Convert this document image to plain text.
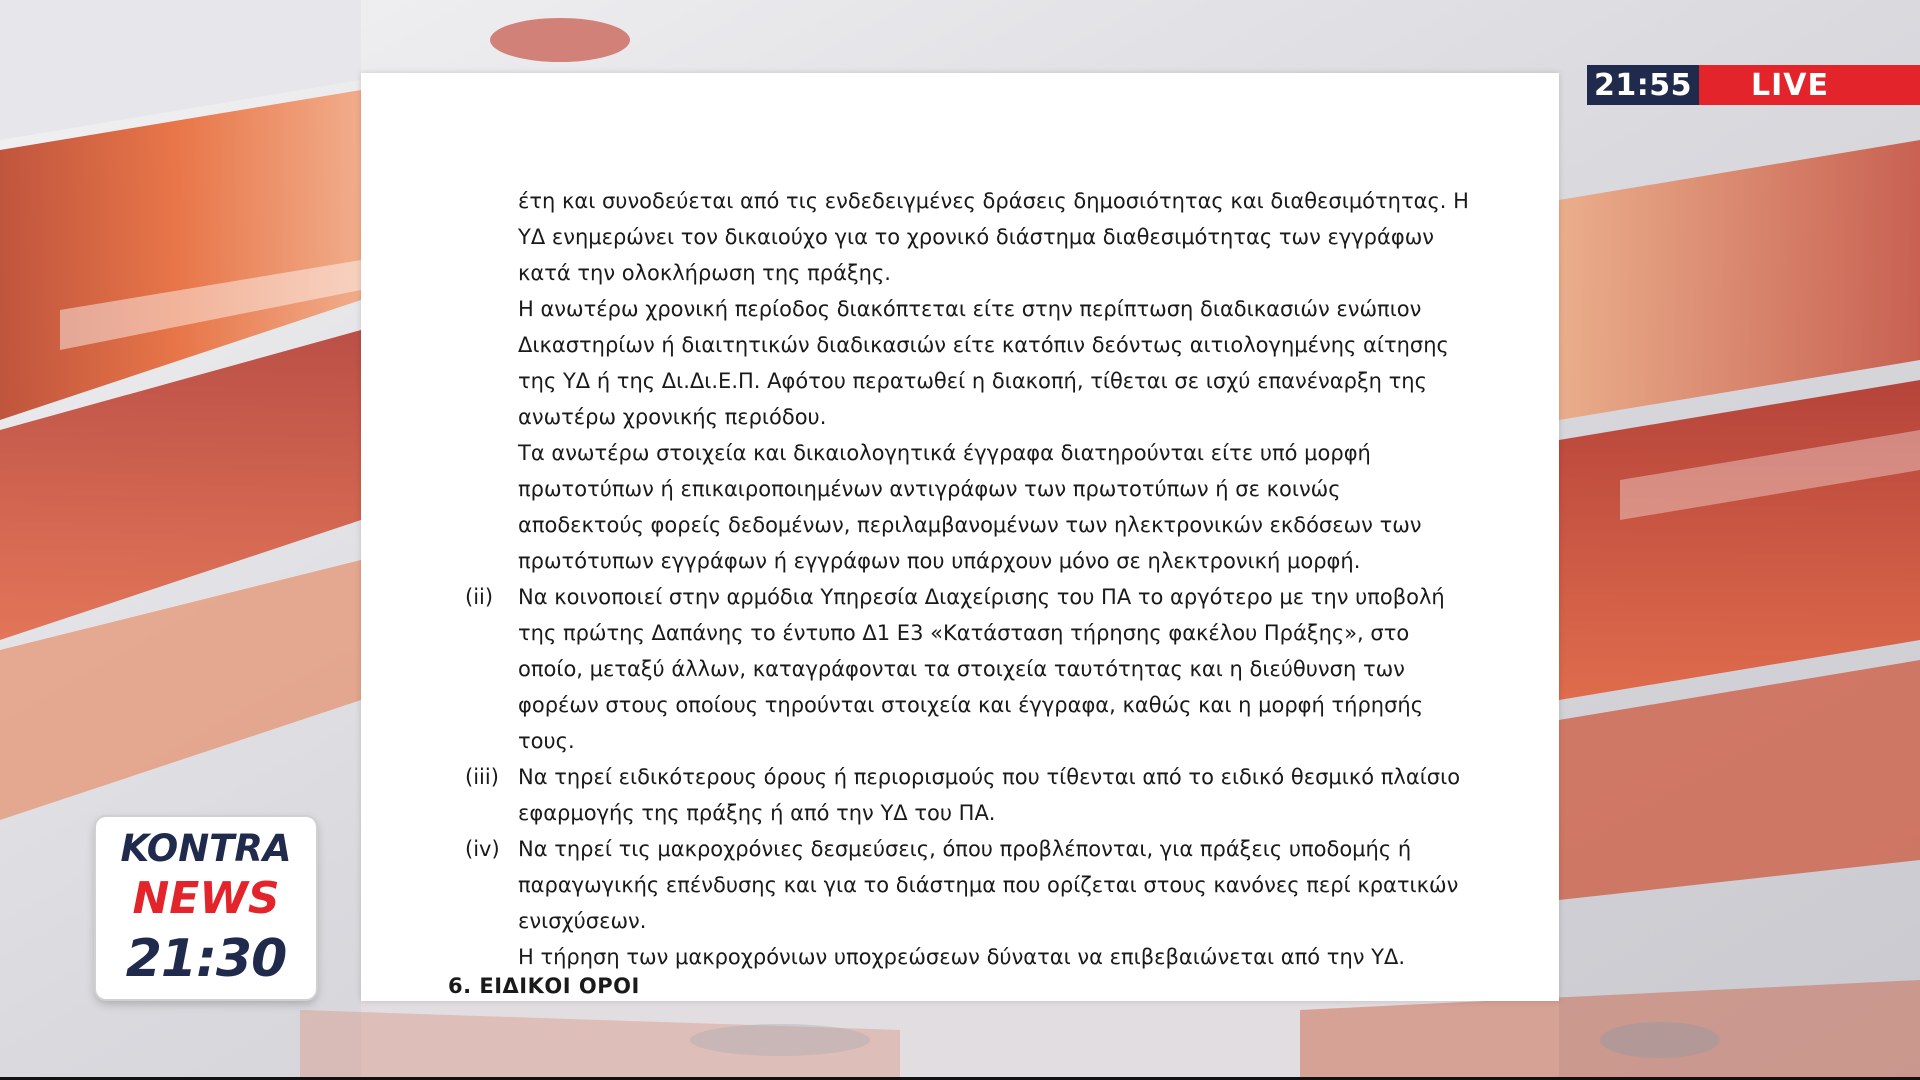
έτη και συνοδεύεται από τις ενδεδειγμένες δράσεις δημοσιότητας και διαθεσιμότητας. Η
ΥΔ ενημερώνει τον δικαιούχο για το χρονικό διάστημα διαθεσιμότητας των εγγράφων
κατά την ολοκλήρωση της πράξης.
Η ανωτέρω χρονική περίοδος διακόπτεται είτε στην περίπτωση διαδικασιών ενώπιον
Δικαστηρίων ή διαιτητικών διαδικασιών είτε κατόπιν δεόντως αιτιολογημένης αίτησης
της ΥΔ ή της Δι.Δι.Ε.Π. Αφότου περατωθεί η διακοπή, τίθεται σε ισχύ επανέναρξη της
ανωτέρω χρονικής περιόδου.
Τα ανωτέρω στοιχεία και δικαιολογητικά έγγραφα διατηρούνται είτε υπό μορφή
πρωτοτύπων ή επικαιροποιημένων αντιγράφων των πρωτοτύπων ή σε κοινώς
αποδεκτούς φορείς δεδομένων, περιλαμβανομένων των ηλεκτρονικών εκδόσεων των
πρωτότυπων εγγράφων ή εγγράφων που υπάρχουν μόνο σε ηλεκτρονική μορφή.
(ii) Να κοινοποιεί στην αρμόδια Υπηρεσία Διαχείρισης του ΠΑ το αργότερο με την υποβολή
της πρώτης Δαπάνης το έντυπο Δ1 Ε3 «Κατάσταση τήρησης φακέλου Πράξης», στο
οποίο, μεταξύ άλλων, καταγράφονται τα στοιχεία ταυτότητας και η διεύθυνση των
φορέων στους οποίους τηρούνται στοιχεία και έγγραφα, καθώς και η μορφή τήρησής
τους.
(iii) Να τηρεί ειδικότερους όρους ή περιορισμούς που τίθενται από το ειδικό θεσμικό πλαίσιο
εφαρμογής της πράξης ή από την ΥΔ του ΠΑ.
(iv) Να τηρεί τις μακροχρόνιες δεσμεύσεις, όπου προβλέπονται, για πράξεις υποδομής ή
παραγωγικής επένδυσης και για το διάστημα που ορίζεται στους κανόνες περί κρατικών
ενισχύσεων.
Η τήρηση των μακροχρόνιων υποχρεώσεων δύναται να επιβεβαιώνεται από την ΥΔ.
6. ΕΙΔΙΚΟΙ ΟΡΟΙ
21:55	LIVE
KONTRA
NEWS
21:30
